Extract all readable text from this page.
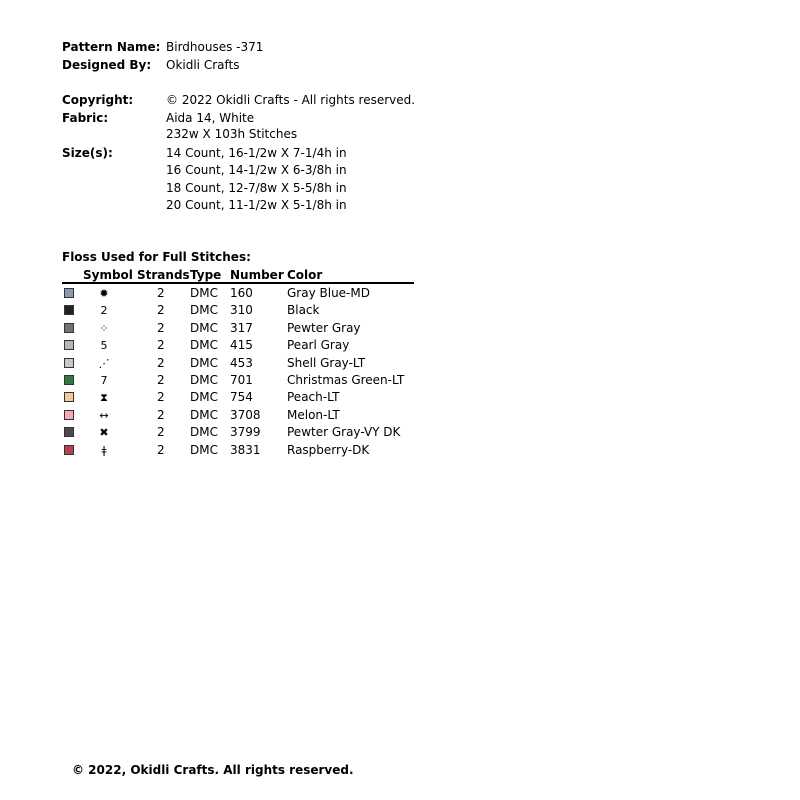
Pattern Name: Birdhouses -371
Designed By: Okidli Crafts
Copyright:	© 2022 Okidli Crafts - All rights reserved.
Fabric:	Aida 14, White
232w X 103h Stitches
Size(s):	14 Count, 16-1/2w X 7-1/4h in
16 Count, 14-1/2w X 6-3/8h in
18 Count, 12-7/8w X 5-5/8h in
20 Count, 11-1/2w X 5-1/8h in
Floss Used for Full Stitches:
Symbol Strands Type Number Color
✹	2 DMC 160	Gray Blue-MD
2	2 DMC 310	Black
⁘	2 DMC 317	Pewter Gray
5	2 DMC 415	Pearl Gray
⋰	2 DMC 453	Shell Gray-LT
7	2 DMC 701	Christmas Green-LT
⧗	2 DMC 754	Peach-LT
↔	2 DMC 3708 Melon-LT
✖	2 DMC 3799 Pewter Gray-VY DK
ǂ	2 DMC 3831 Raspberry-DK
© 2022, Okidli Crafts. All rights reserved.
